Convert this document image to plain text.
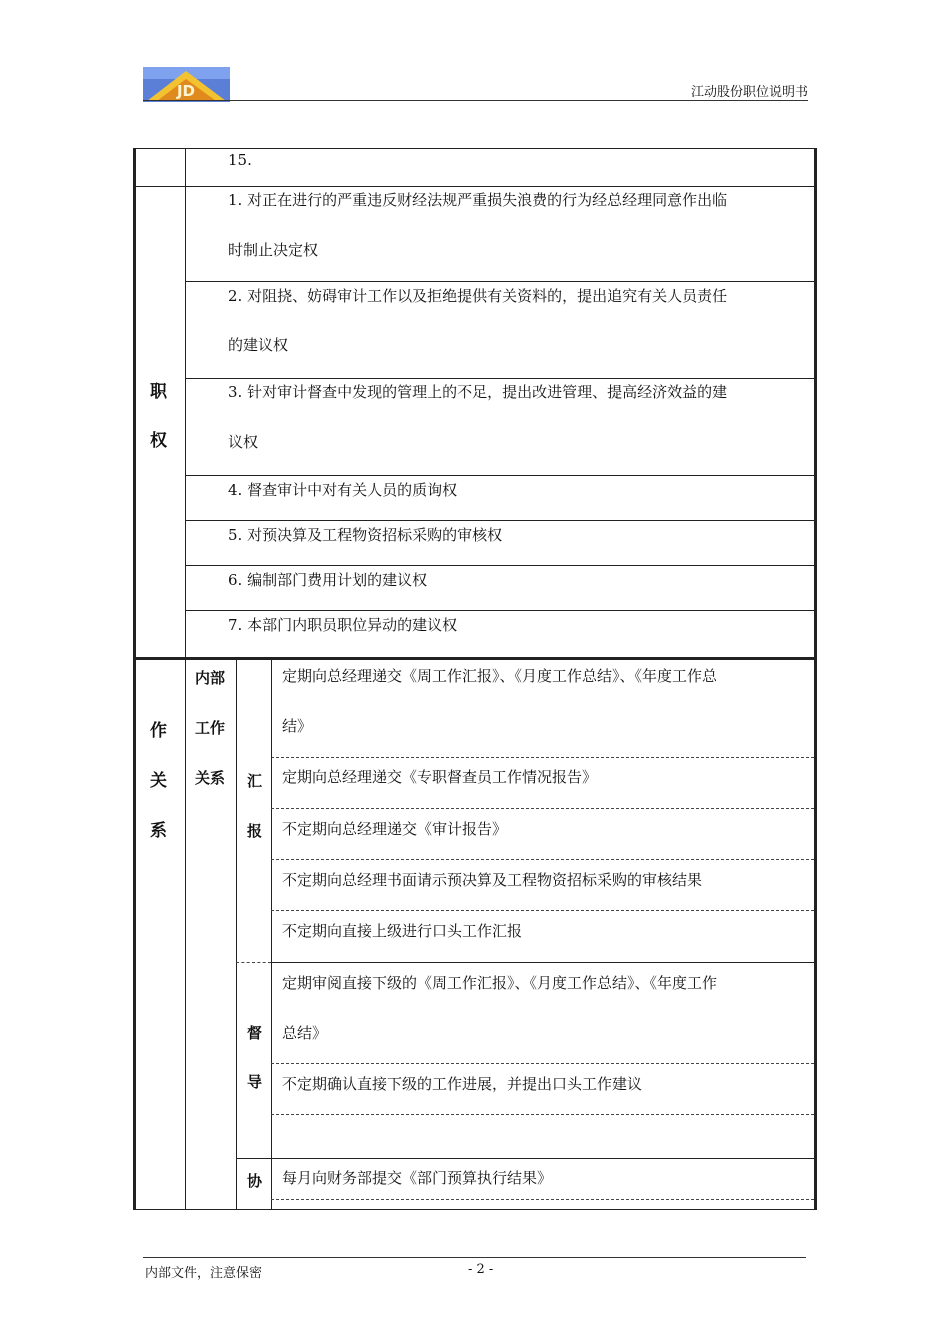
JD	江动股份职位说明书
职
权
15.
1. 对正在进行的严重违反财经法规严重损失浪费的行为经总经理同意作出临
时制止决定权
2. 对阻挠、妨碍审计工作以及拒绝提供有关资料的，提出追究有关人员责任
的建议权
3. 针对审计督查中发现的管理上的不足，提出改进管理、提高经济效益的建
议权
4. 督查审计中对有关人员的质询权
5. 对预决算及工程物资招标采购的审核权
6. 编制部门费用计划的建议权
7. 本部门内职员职位异动的建议权
作
关
系
内部
工作
关系 汇
报
督
导
协
定期向总经理递交《周工作汇报》、《月度工作总结》、《年度工作总
结》
定期向总经理递交《专职督查员工作情况报告》
不定期向总经理递交《审计报告》
不定期向总经理书面请示预决算及工程物资招标采购的审核结果
不定期向直接上级进行口头工作汇报
定期审阅直接下级的《周工作汇报》、《月度工作总结》、《年度工作
总结》
不定期确认直接下级的工作进展，并提出口头工作建议
每月向财务部提交《部门预算执行结果》
内部文件，注意保密	- 2 -
